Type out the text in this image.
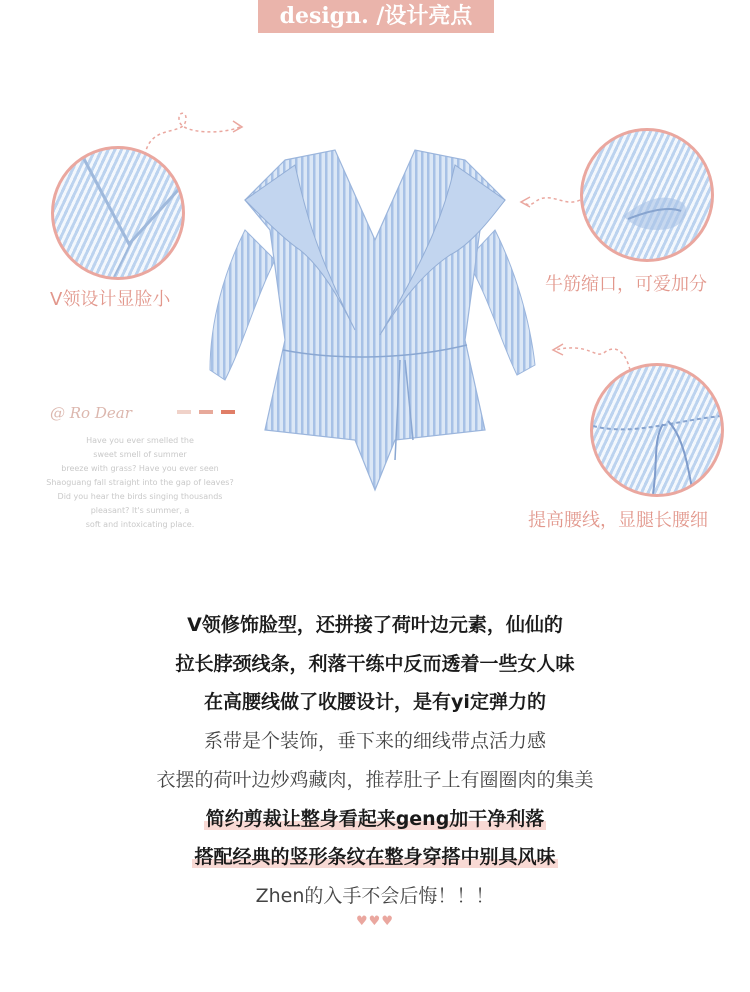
design. /设计亮点
V领设计显脸小
牛筋缩口，可爱加分
提高腰线，显腿长腰细
@ Ro Dear
Have you ever smelled the
sweet smell of summer
breeze with grass? Have you ever seen
Shaoguang fall straight into the gap of leaves?
Did you hear the birds singing thousands
pleasant? It's summer, a
soft and intoxicating place.
V领修饰脸型，还拼接了荷叶边元素，仙仙的
拉长脖颈线条，利落干练中反而透着一些女人味
在高腰线做了收腰设计，是有yi定弹力的
系带是个装饰，垂下来的细线带点活力感
衣摆的荷叶边炒鸡藏肉，推荐肚子上有圈圈肉的集美
简约剪裁让整身看起来geng加干净利落
搭配经典的竖形条纹在整身穿搭中别具风味
Zhen的入手不会后悔！！！
♥♥♥
